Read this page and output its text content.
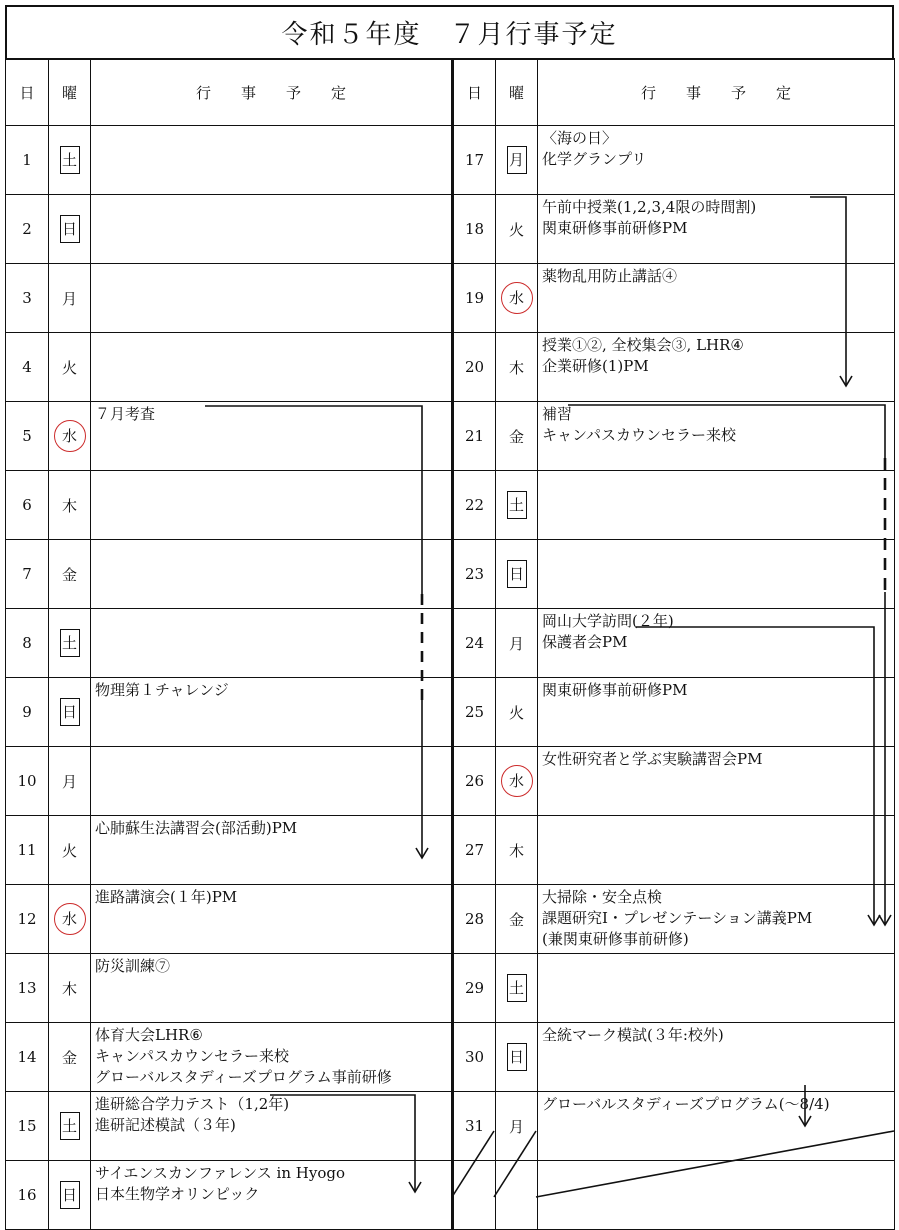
令和５年度　７月行事予定
日	曜	行　　事　　予　　定	日	曜	行　　事　　予　　定
1	土		17	月	〈海の日〉
化学グランプリ

2	日		18	火	午前中授業(1,2,3,4限の時間割)
関東研修事前研修PM

3	月		19	水	薬物乱用防止講話④

4	火		20	木	授業①②, 全校集会③, LHR④
企業研修(1)PM

5	水	７月考査	21	金	補習
キャンパスカウンセラー来校

6	木		22	土	
7	金		23	日	
8	土		24	月	岡山大学訪問(２年)
保護者会PM

9	日	物理第１チャレンジ	25	火	関東研修事前研修PM

10	月		26	水	女性研究者と学ぶ実験講習会PM

11	火	心肺蘇生法講習会(部活動)PM	27	木	
12	水	進路講演会(１年)PM	28	金	大掃除・安全点検
課題研究Ⅰ・プレゼンテーション講義PM
(兼関東研修事前研修)

13	木	防災訓練⑦	29	土	
14	金	体育大会LHR⑥
キャンパスカウンセラー来校
グローバルスタディーズプログラム事前研修	30	日	全統マーク模試(３年:校外)

15	土	進研総合学力テスト（1,2年)
進研記述模試（３年)	31	月	グローバルスタディーズプログラム(～8/4)

16	日	サイエンスカンファレンス in Hyogo
日本生物学オリンピック			
